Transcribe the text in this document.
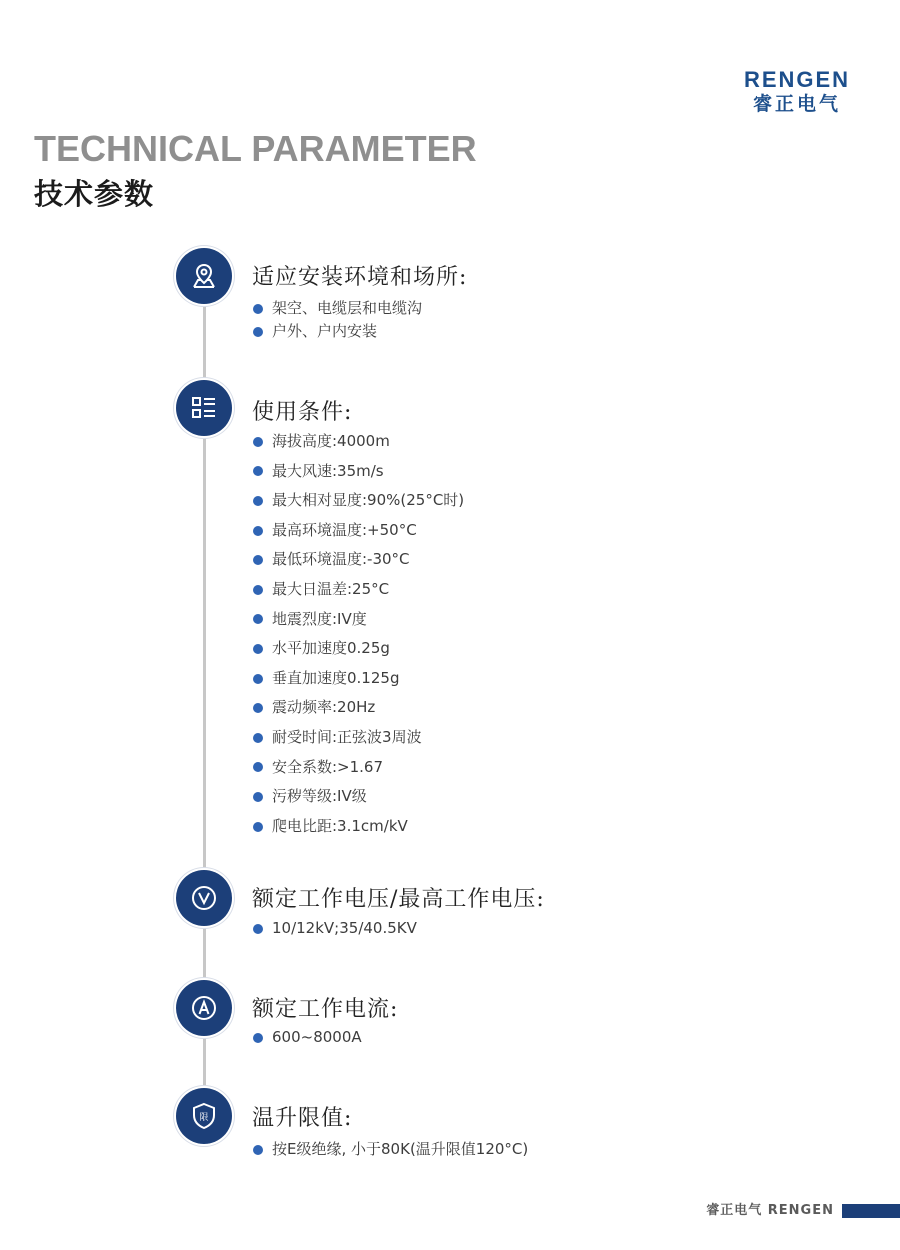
RENGEN
睿正电气
TECHNICAL PARAMETER
技术参数
适应安装环境和场所:
架空、电缆层和电缆沟
户外、户内安装
使用条件:
海拔高度:4000m
最大风速:35m/s
最大相对显度:90%(25°C时)
最高环境温度:+50°C
最低环境温度:-30°C
最大日温差:25°C
地震烈度:IV度
水平加速度0.25g
垂直加速度0.125g
震动频率:20Hz
耐受时间:正弦波3周波
安全系数:>1.67
污秽等级:IV级
爬电比距:3.1cm/kV
额定工作电压/最高工作电压:
10/12kV;35/40.5KV
额定工作电流:
600~8000A
限 温升限值:
按E级绝缘, 小于80K(温升限值120°C)
睿正电气 RENGEN
